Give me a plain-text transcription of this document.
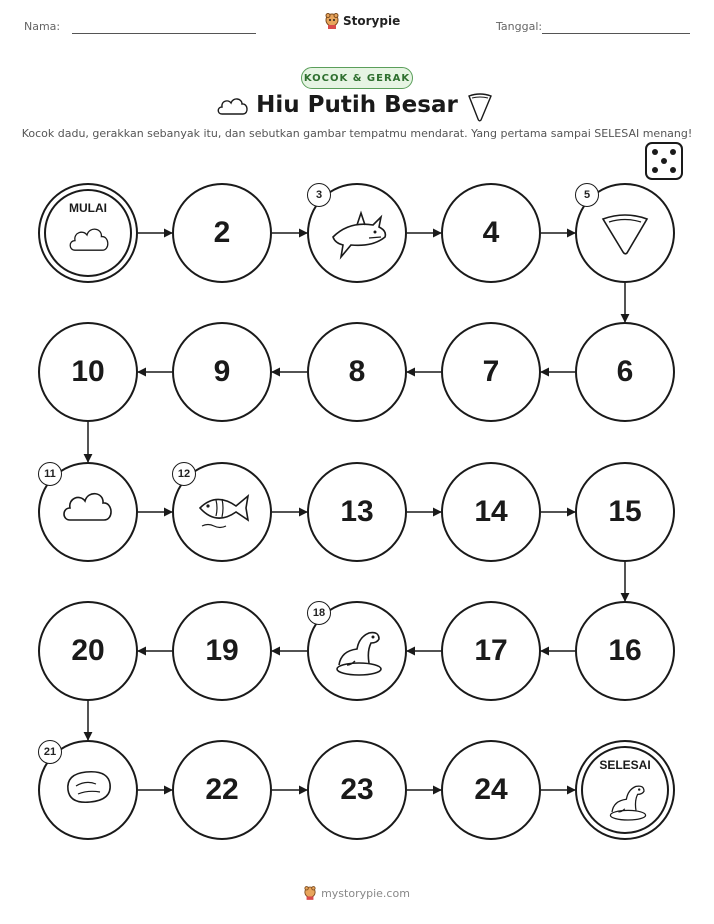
Nama:	Storypie	Tanggal:
KOCOK & GERAK
Hiu Putih Besar
Kocok dadu, gerakkan sebanyak itu, dan sebutkan gambar tempatmu mendarat. Yang pertama sampai SELESAI menang!
MULAI
2
3
4
5
6
7
8
9
10
11	12
13	14	15
16
17
18
19
20
21
22	23	24
SELESAI
mystorypie.com
